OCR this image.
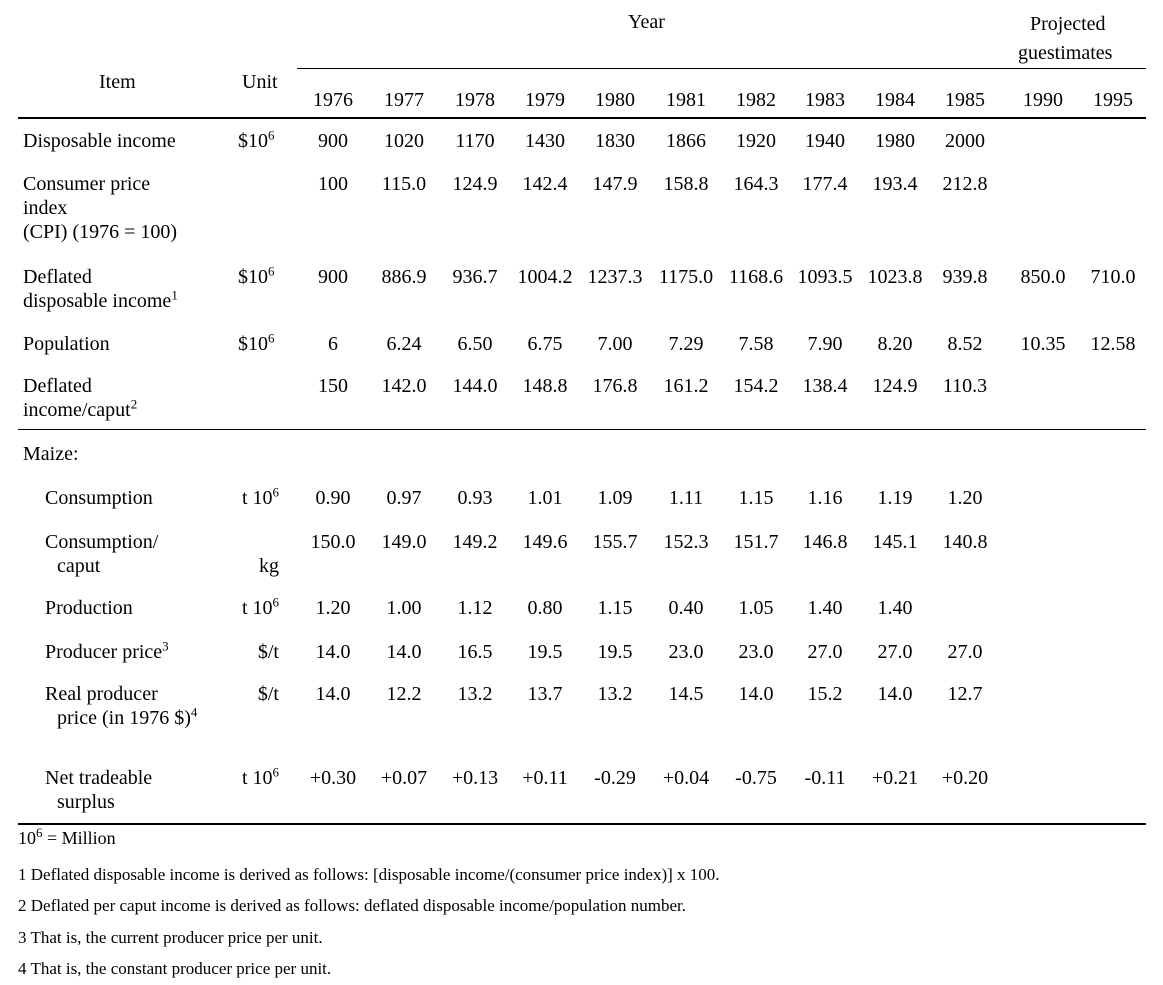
Item	Unit
Year	Projected
guestimates
1976	1977	1978	1979	1980	1981	1982	1983	1984	1985	1990	1995
Disposable income	$\$10^6$	900	1020	1170	1430	1830	1866	1920	1940	1980	2000
Consumer price
index
(CPI) (1976 = 100)
100	115.0	124.9	142.4	147.9	158.8	164.3	177.4	193.4	212.8
Deflated
disposable income$^1$
$\$10^6$	900	886.9	936.7	1004.2 1237.3 1175.0 1168.6 1093.5 1023.8	939.8	850.0	710.0
Population	$\$10^6$	6	6.24	6.50	6.75	7.00	7.29	7.58	7.90	8.20	8.52	10.35	12.58
Deflated
income/caput$^2$
150	142.0	144.0	148.8	176.8	161.2	154.2	138.4	124.9	110.3
Maize:
Consumption	t $10^6$	0.90	0.97	0.93	1.01	1.09	1.11	1.15	1.16	1.19	1.20
Consumption/
caput	kg
150.0	149.0	149.2	149.6	155.7	152.3	151.7	146.8	145.1	140.8
Production	t $10^6$	1.20	1.00	1.12	0.80	1.15	0.40	1.05	1.40	1.40
Producer price$^3$	$/t	14.0	14.0	16.5	19.5	19.5	23.0	23.0	27.0	27.0	27.0
Real producer
price (in 1976 $)$^4$
$/t	14.0	12.2	13.2	13.7	13.2	14.5	14.0	15.2	14.0	12.7
Net tradeable
surplus
t $10^6$	+0.30	+0.07	+0.13	+0.11	-0.29	+0.04	-0.75	-0.11	+0.21	+0.20
$10^6$ = Million
1 Deflated disposable income is derived as follows: [disposable income/(consumer price index)] x 100.
2 Deflated per caput income is derived as follows: deflated disposable income/population number.
3 That is, the current producer price per unit.
4 That is, the constant producer price per unit.
